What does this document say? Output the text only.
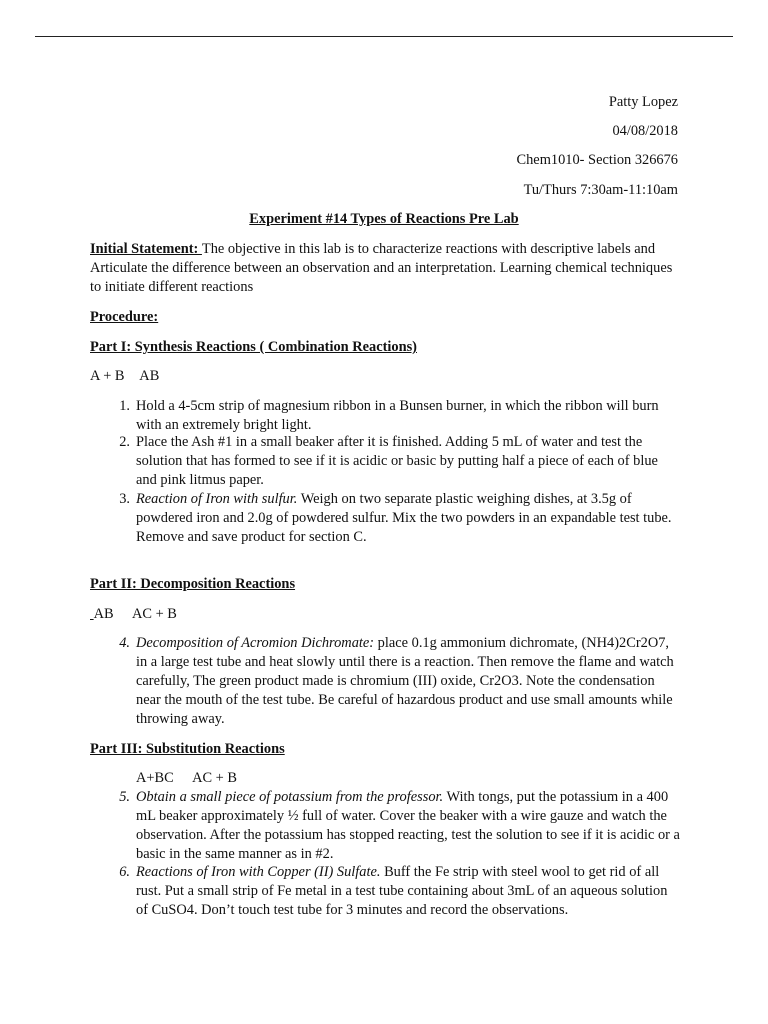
Patty Lopez
04/08/2018
Chem1010- Section 326676
Tu/Thurs 7:30am-11:10am
Experiment #14 Types of Reactions Pre Lab

Initial Statement: The objective in this lab is to characterize reactions with descriptive labels and Articulate the difference between an observation and an interpretation. Learning chemical techniques to initiate different reactions

Procedure:
Part I: Synthesis Reactions ( Combination Reactions)
A + B AB
1. Hold a 4-5cm strip of magnesium ribbon in a Bunsen burner, in which the ribbon will burn with an extremely bright light.
2. Place the Ash #1 in a small beaker after it is finished. Adding 5 mL of water and test the solution that has formed to see if it is acidic or basic by putting half a piece of each of blue and pink litmus paper.
3. Reaction of Iron with sulfur. Weigh on two separate plastic weighing dishes, at 3.5g of powdered iron and 2.0g of powdered sulfur. Mix the two powders in an expandable test tube. Remove and save product for section C.
Part II: Decomposition Reactions
AB AC + B
4. Decomposition of Acromion Dichromate: place 0.1g ammonium dichromate, (NH4)2Cr2O7, in a large test tube and heat slowly until there is a reaction. Then remove the flame and watch carefully, The green product made is chromium (III) oxide, Cr2O3. Note the condensation near the mouth of the test tube. Be careful of hazardous product and use small amounts while throwing away.
Part III: Substitution Reactions
A+BC AC + B
5. Obtain a small piece of potassium from the professor. With tongs, put the potassium in a 400 mL beaker approximately ½ full of water. Cover the beaker with a wire gauze and watch the observation. After the potassium has stopped reacting, test the solution to see if it is acidic or a basic in the same manner as in #2.
6. Reactions of Iron with Copper (II) Sulfate. Buff the Fe strip with steel wool to get rid of all rust. Put a small strip of Fe metal in a test tube containing about 3mL of an aqueous solution of CuSO4. Don’t touch test tube for 3 minutes and record the observations.
